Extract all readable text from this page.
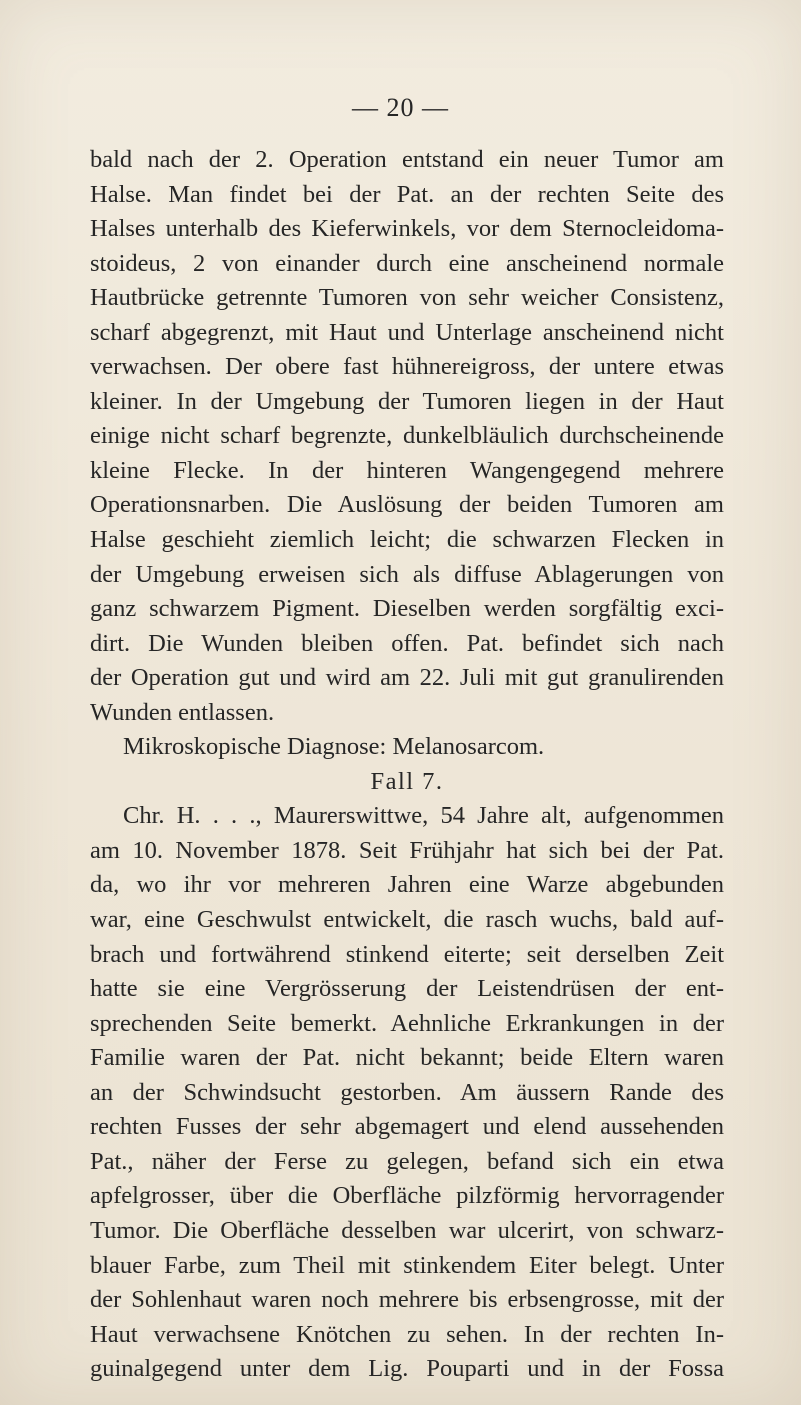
— 20 —
bald nach der 2. Operation entstand ein neuer Tumor am
Halse. Man findet bei der Pat. an der rechten Seite des
Halses unterhalb des Kieferwinkels, vor dem Sternocleidoma-
stoideus, 2 von einander durch eine anscheinend normale
Hautbrücke getrennte Tumoren von sehr weicher Consistenz,
scharf abgegrenzt, mit Haut und Unterlage anscheinend nicht
verwachsen. Der obere fast hühnereigross, der untere etwas
kleiner. In der Umgebung der Tumoren liegen in der Haut
einige nicht scharf begrenzte, dunkelbläulich durchscheinende
kleine Flecke. In der hinteren Wangengegend mehrere
Operationsnarben. Die Auslösung der beiden Tumoren am
Halse geschieht ziemlich leicht; die schwarzen Flecken in
der Umgebung erweisen sich als diffuse Ablagerungen von
ganz schwarzem Pigment. Dieselben werden sorgfältig exci-
dirt. Die Wunden bleiben offen. Pat. befindet sich nach
der Operation gut und wird am 22. Juli mit gut granulirenden
Wunden entlassen.
Mikroskopische Diagnose: Melanosarcom.
Fall 7.
Chr. H. . . ., Maurerswittwe, 54 Jahre alt, aufgenommen
am 10. November 1878. Seit Frühjahr hat sich bei der Pat.
da, wo ihr vor mehreren Jahren eine Warze abgebunden
war, eine Geschwulst entwickelt, die rasch wuchs, bald auf-
brach und fortwährend stinkend eiterte; seit derselben Zeit
hatte sie eine Vergrösserung der Leistendrüsen der ent-
sprechenden Seite bemerkt. Aehnliche Erkrankungen in der
Familie waren der Pat. nicht bekannt; beide Eltern waren
an der Schwindsucht gestorben. Am äussern Rande des
rechten Fusses der sehr abgemagert und elend aussehenden
Pat., näher der Ferse zu gelegen, befand sich ein etwa
apfelgrosser, über die Oberfläche pilzförmig hervorragender
Tumor. Die Oberfläche desselben war ulcerirt, von schwarz-
blauer Farbe, zum Theil mit stinkendem Eiter belegt. Unter
der Sohlenhaut waren noch mehrere bis erbsengrosse, mit der
Haut verwachsene Knötchen zu sehen. In der rechten In-
guinalgegend unter dem Lig. Pouparti und in der Fossa
